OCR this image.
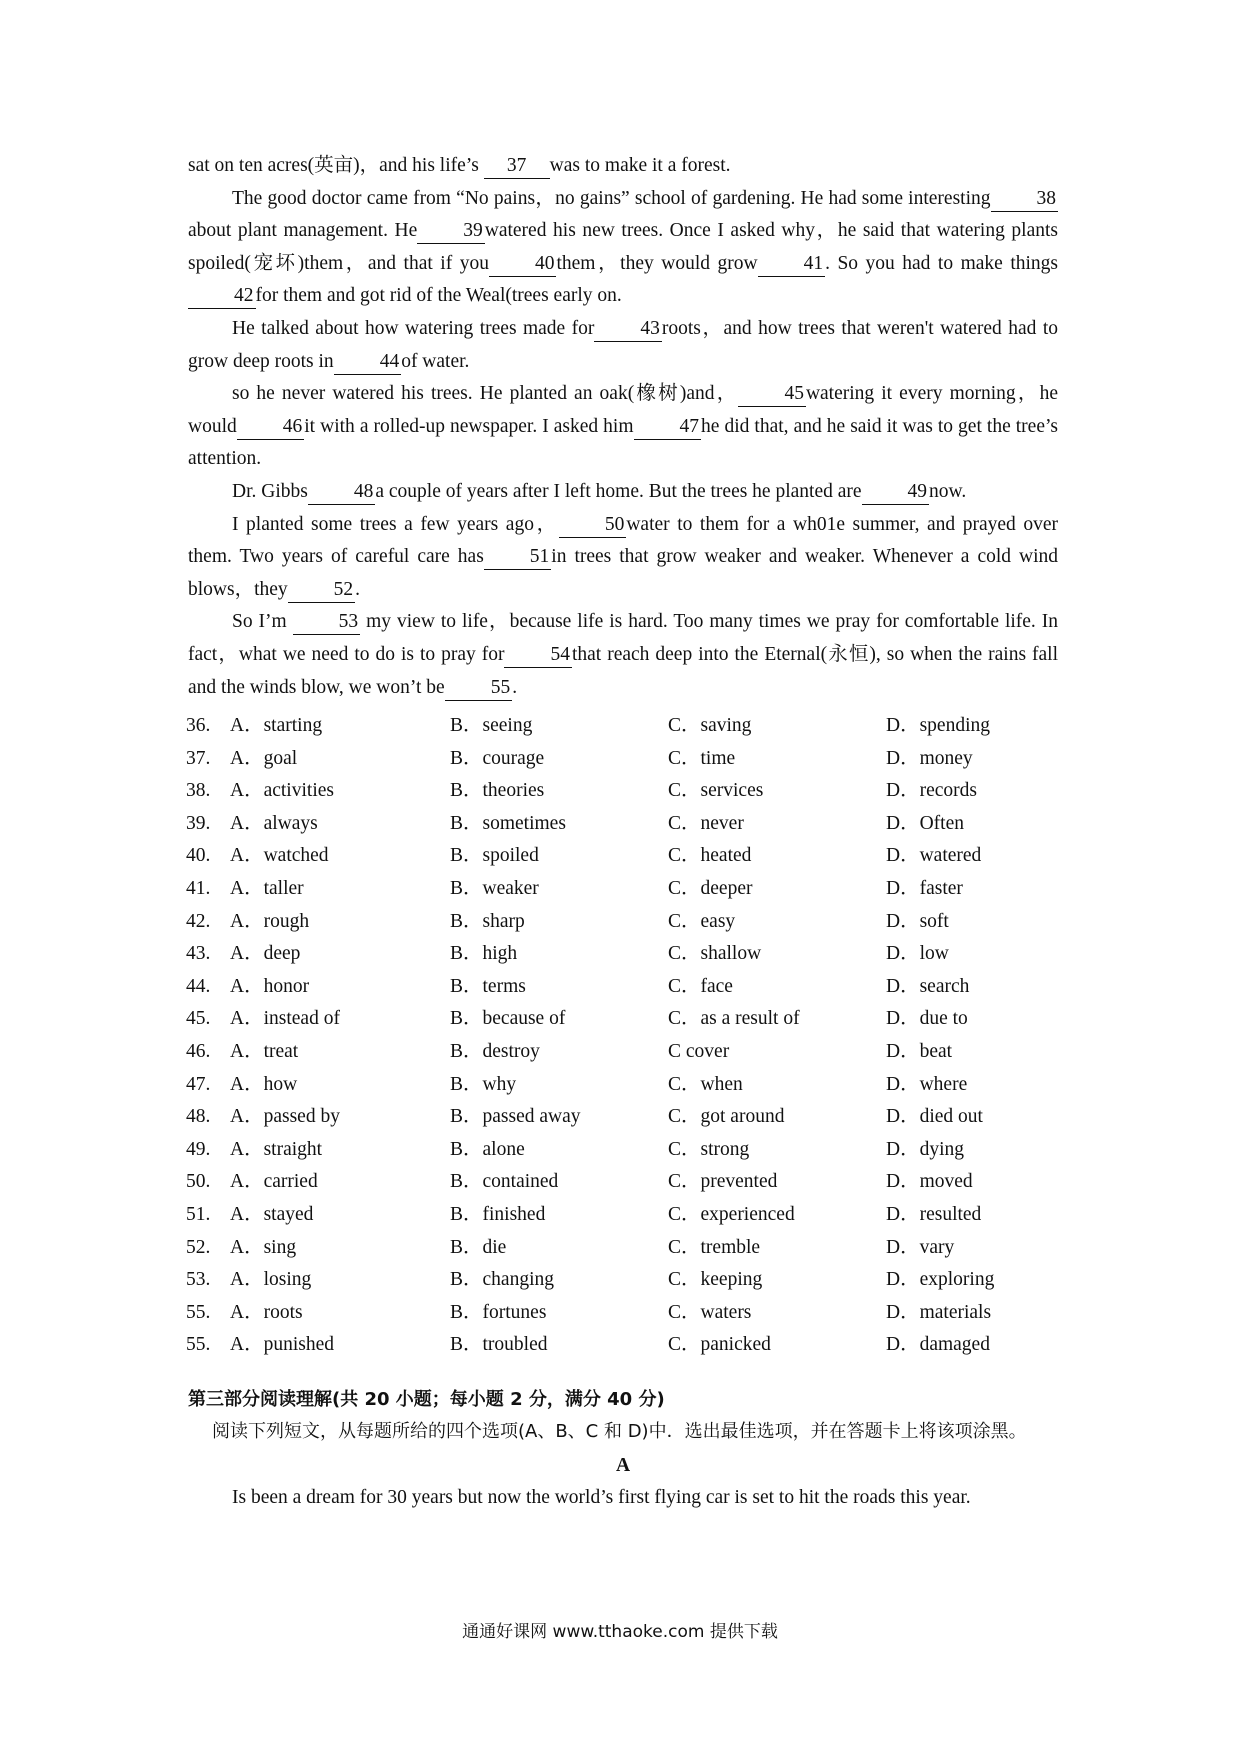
sat on ten acres(英亩)，and his life’s 37 was to make it a forest.

The good doctor came from “No pains，no gains” school of gardening. He had some interesting 38about plant management. He 39 watered his new trees. Once I asked why，he said that watering plants spoiled(宠坏)them，and that if you 40 them，they would grow 41 . So you had to make things42 for them and got rid of the Weal(trees early on.

He talked about how watering trees made for 43 roots，and how trees that weren't watered had to grow deep roots in 44 of water.

so he never watered his trees. He planted an oak(橡树)and， 45 watering it every morning，he would 46 it with a rolled-up newspaper. I asked him 47 he did that, and he said it was to get the tree’s attention.

Dr. Gibbs 48 a couple of years after I left home. But the trees he planted are 49 now.

I planted some trees a few years ago， 50 water to them for a wh01e summer, and prayed over them. Two years of careful care has 51 in trees that grow weaker and weaker. Whenever a cold wind blows，they 52 .

So I’m 53 my view to life，because life is hard. Too many times we pray for comfortable life. In fact，what we need to do is to pray for 54 that reach deep into the Eternal(永恒), so when the rains fall and the winds blow, we won’t be 55 .

36. A．starting	B．seeing	C．saving	D．spending
37. A．goal	B．courage	C．time	D．money
38. A．activities	B．theories	C．services	D．records
39. A．always	B．sometimes	C．never	D．Often
40. A．watched	B．spoiled	C．heated	D．watered
41. A．taller	B．weaker	C．deeper	D．faster
42. A．rough	B．sharp	C．easy	D．soft
43. A．deep	B．high	C．shallow	D．low
44. A．honor	B．terms	C．face	D．search
45. A．instead of	B．because of	C．as a result of	D．due to
46. A．treat	B．destroy	C cover	D．beat
47. A．how	B．why	C．when	D．where
48. A．passed by	B．passed away	C．got around	D．died out
49. A．straight	B．alone	C．strong	D．dying
50. A．carried	B．contained	C．prevented	D．moved
51. A．stayed	B．finished	C．experienced	D．resulted
52. A．sing	B．die	C．tremble	D．vary
53. A．losing	B．changing	C．keeping	D．exploring
55. A．roots	B．fortunes	C．waters	D．materials
55. A．punished	B．troubled	C．panicked	D．damaged
第三部分阅读理解(共 20 小题；每小题 2 分，满分 40 分)
阅读下列短文，从每题所给的四个选项(A、B、C 和 D)中．选出最佳选项，并在答题卡上将该项涂黑。
A
Is been a dream for 30 years but now the world’s first flying car is set to hit the roads this year.
通通好课网 www.tthaoke.com 提供下载
